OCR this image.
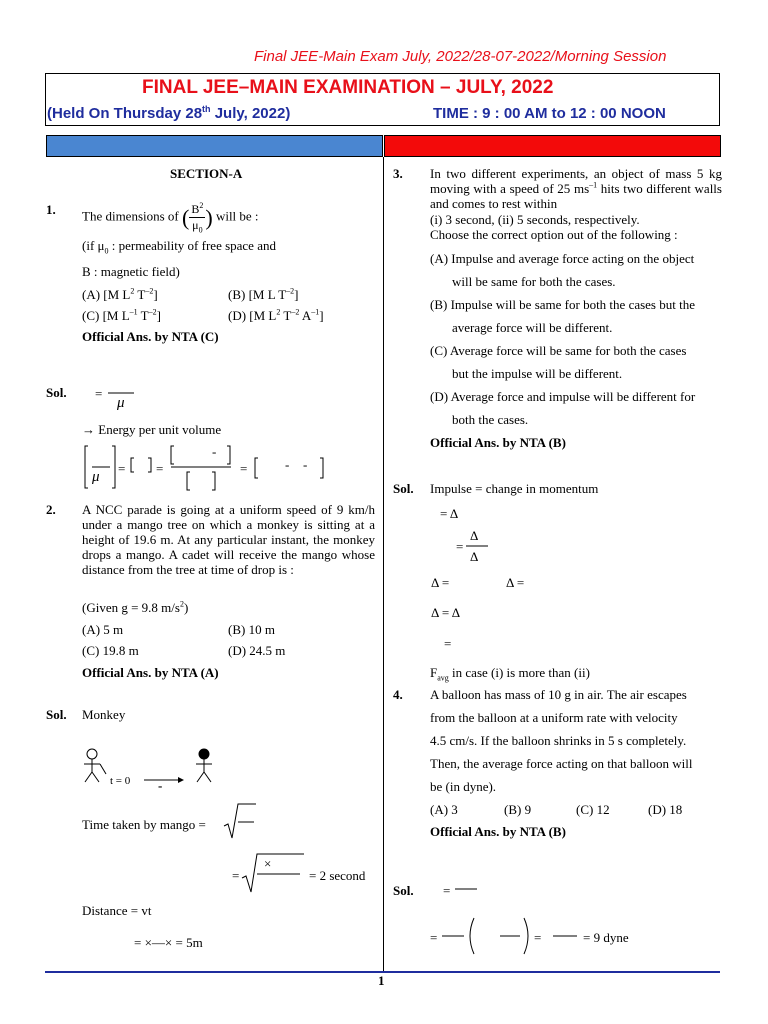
Final JEE-Main Exam July, 2022/28-07-2022/Morning Session
FINAL JEE–MAIN EXAMINATION – JULY, 2022
(Held On Thursday 28th July, 2022)	TIME : 9 : 00 AM to 12 : 00 NOON
SECTION-A
1. The dimensions of ( $\frac{B^2}{\mu_0}$ ) will be :
(if $\mu_0$ : permeability of free space and
B : magnetic field)
(A) [M $L^2$ $T^{-2}$]	(B) [M L $T^{-2}$]
(C) [M $L^{-1}$ $T^{-2}$]	(D) [M $L^2$ $T^{-2}$ $A^{-1}$]
Official Ans. by NTA (C)
Sol. =
μ
→ Energy per unit volume
μ
= =	=
-
- -
2. A NCC parade is going at a uniform speed of 9 km/h under a mango tree on which a monkey is sitting at a height of 19.6 m. At any particular instant, the monkey drops a mango. A cadet will receive the mango whose distance from the tree at time of drop is :
(Given g = 9.8 $m/s^2$)
(A) 5 m	(B) 10 m
(C) 19.8 m	(D) 24.5 m
Official Ans. by NTA (A)
Sol. Monkey
t = 0 -
Time taken by mango =
=
×
= 2 second
Distance = vt
= ×—× = 5m
3. In two different experiments, an object of mass 5 kg moving with a speed of 25 $ms^{-1}$ hits two different walls and comes to rest within
(i) 3 second, (ii) 5 seconds, respectively.
Choose the correct option out of the following :
(A) Impulse and average force acting on the object
will be same for both the cases.
(B) Impulse will be same for both the cases but the
average force will be different.
(C) Average force will be same for both the cases
but the impulse will be different.
(D) Average force and impulse will be different for
both the cases.
Official Ans. by NTA (B)
Sol. Impulse = change in momentum
= Δ
=
Δ
Δ
Δ =	Δ =
Δ = Δ
=
$F_{avg}$ in case (i) is more than (ii)
4. A balloon has mass of 10 g in air. The air escapes
from the balloon at a uniform rate with velocity
4.5 cm/s. If the balloon shrinks in 5 s completely.
Then, the average force acting on that balloon will
be (in dyne).
(A) 3	(B) 9	(C) 12	(D) 18
Official Ans. by NTA (B)
Sol. =
=	=	= 9 dyne
1
